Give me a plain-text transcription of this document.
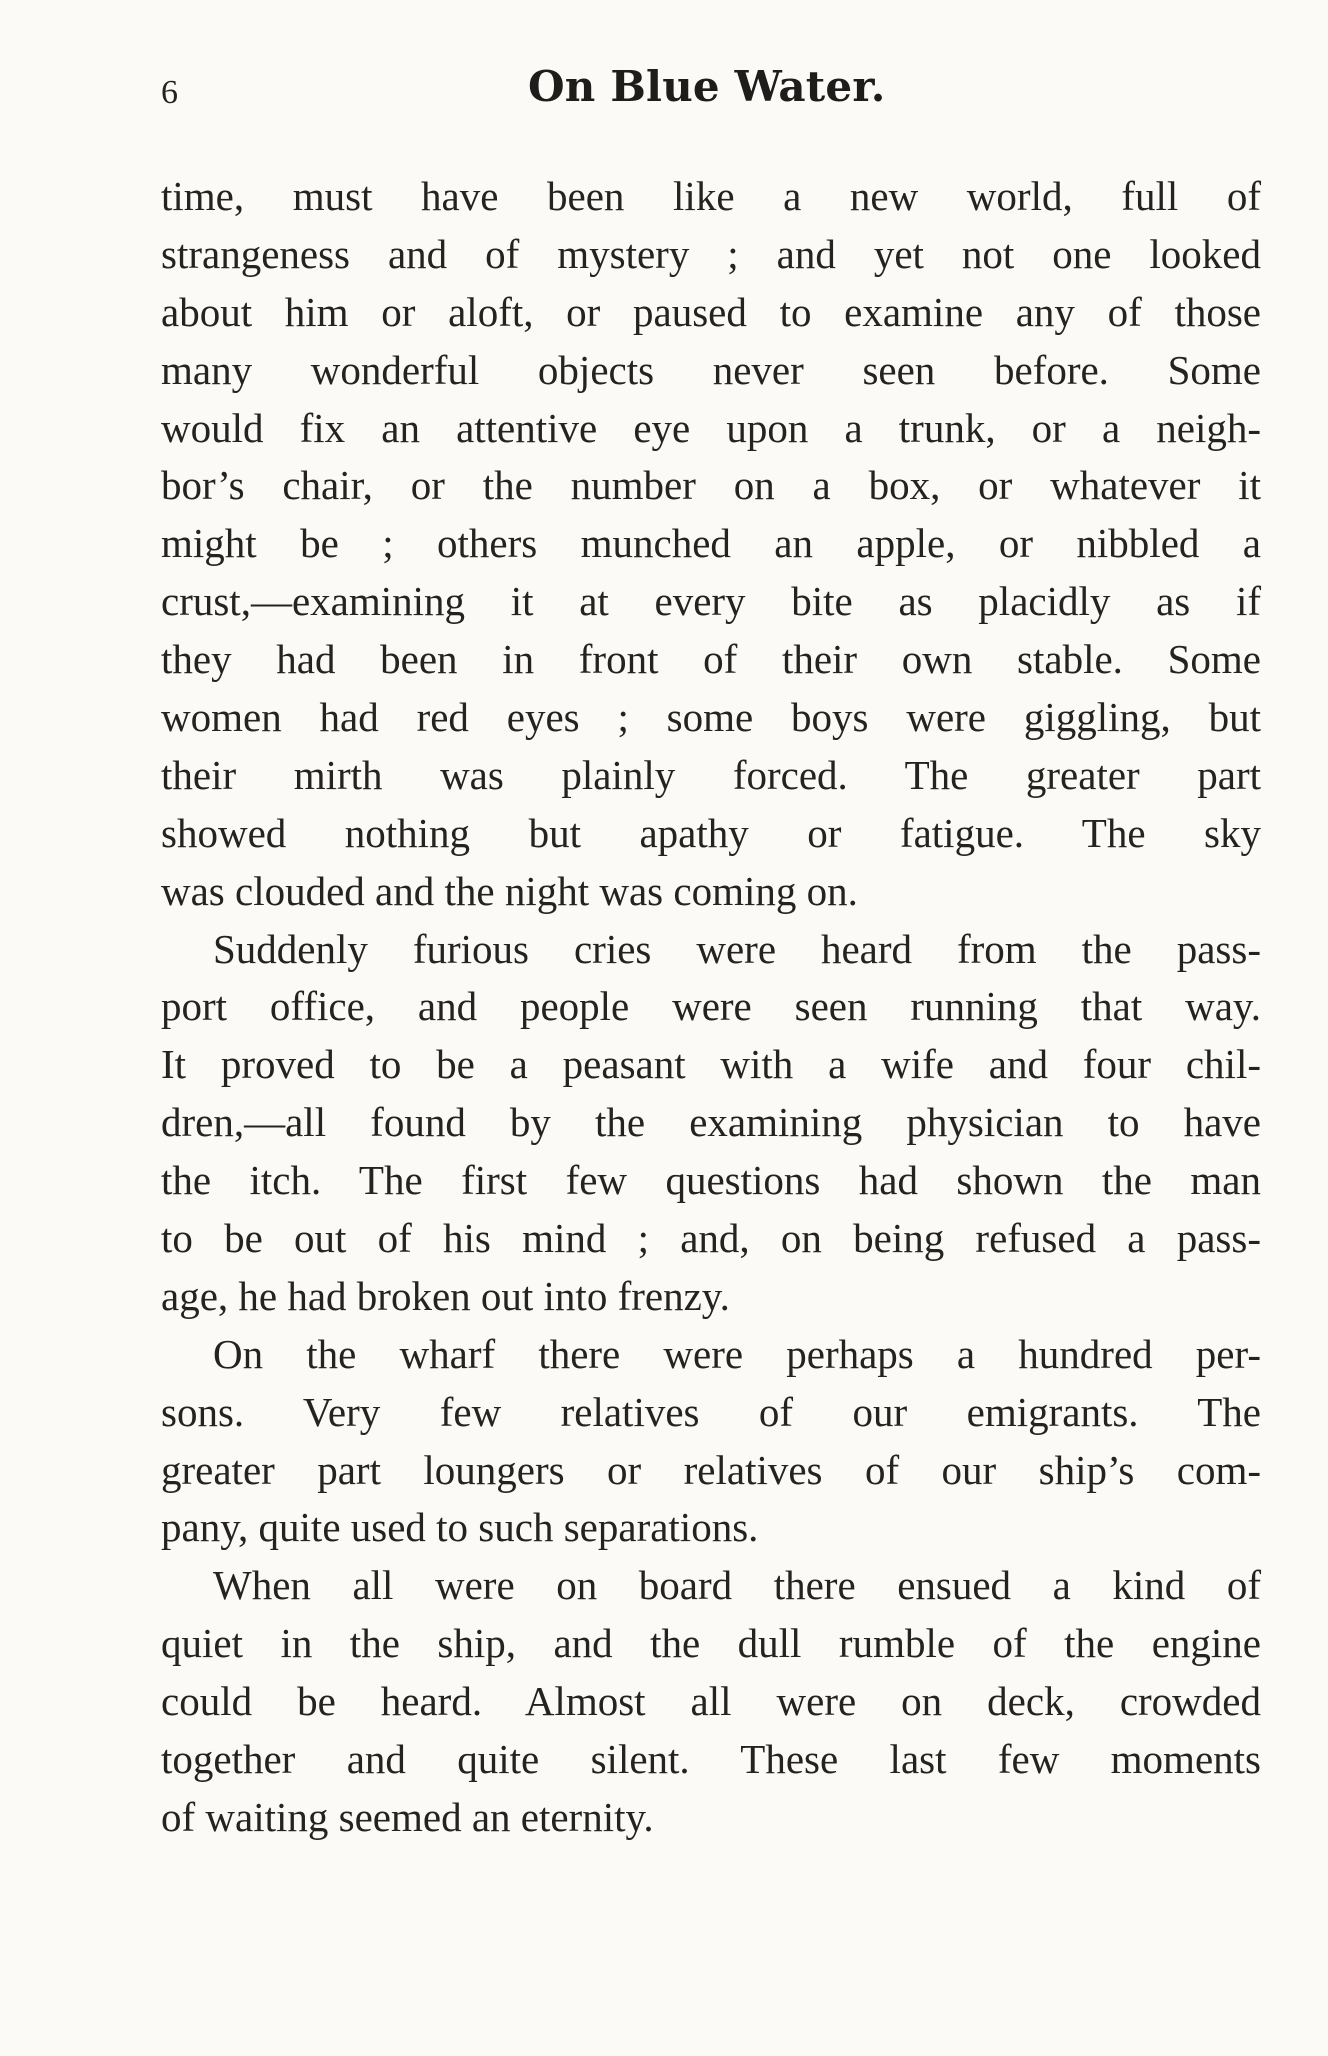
6	On Blue Water.
time, must have been like a new world, full of
strangeness and of mystery ; and yet not one looked
about him or aloft, or paused to examine any of those
many wonderful objects never seen before. Some
would fix an attentive eye upon a trunk, or a neigh-
bor’s chair, or the number on a box, or whatever it
might be ; others munched an apple, or nibbled a
crust,—examining it at every bite as placidly as if
they had been in front of their own stable. Some
women had red eyes ; some boys were giggling, but
their mirth was plainly forced. The greater part
showed nothing but apathy or fatigue. The sky
was clouded and the night was coming on.
Suddenly furious cries were heard from the pass-
port office, and people were seen running that way.
It proved to be a peasant with a wife and four chil-
dren,—all found by the examining physician to have
the itch. The first few questions had shown the man
to be out of his mind ; and, on being refused a pass-
age, he had broken out into frenzy.
On the wharf there were perhaps a hundred per-
sons. Very few relatives of our emigrants. The
greater part loungers or relatives of our ship’s com-
pany, quite used to such separations.
When all were on board there ensued a kind of
quiet in the ship, and the dull rumble of the engine
could be heard. Almost all were on deck, crowded
together and quite silent. These last few moments
of waiting seemed an eternity.
